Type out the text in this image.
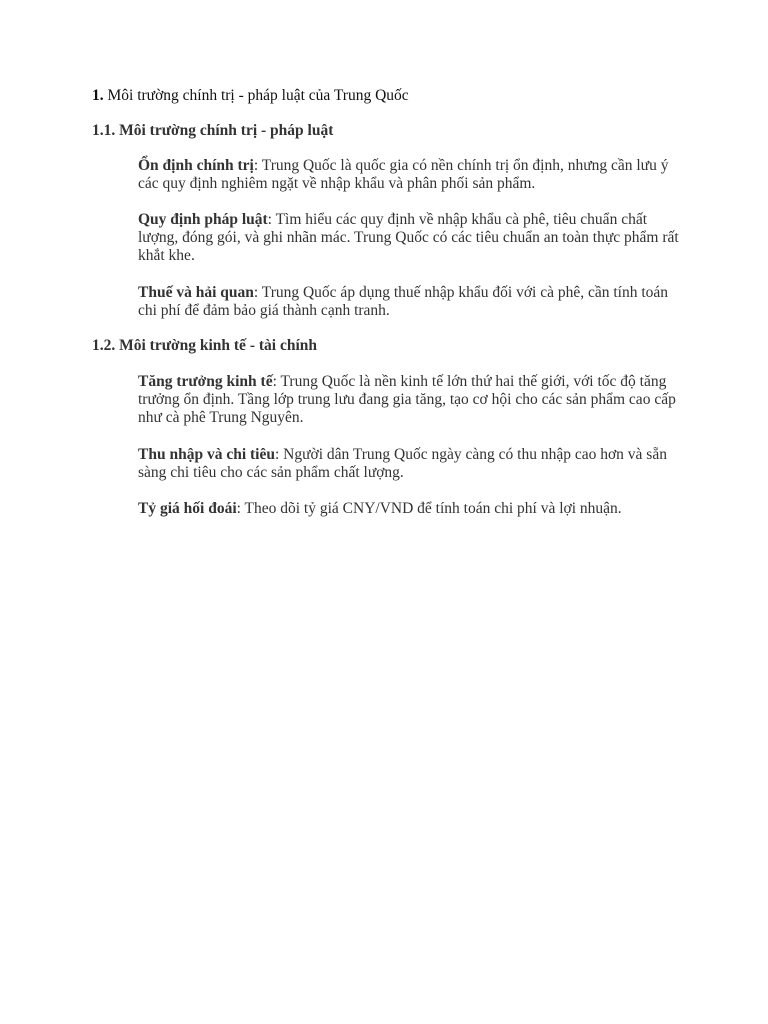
1. Môi trường chính trị - pháp luật của Trung Quốc
1.1. Môi trường chính trị - pháp luật
Ổn định chính trị: Trung Quốc là quốc gia có nền chính trị ổn định, nhưng cần lưu ý các quy định nghiêm ngặt về nhập khẩu và phân phối sản phẩm.
Quy định pháp luật: Tìm hiểu các quy định về nhập khẩu cà phê, tiêu chuẩn chất lượng, đóng gói, và ghi nhãn mác. Trung Quốc có các tiêu chuẩn an toàn thực phẩm rất khắt khe.
Thuế và hải quan: Trung Quốc áp dụng thuế nhập khẩu đối với cà phê, cần tính toán chi phí để đảm bảo giá thành cạnh tranh.
1.2. Môi trường kinh tế - tài chính
Tăng trưởng kinh tế: Trung Quốc là nền kinh tế lớn thứ hai thế giới, với tốc độ tăng trưởng ổn định. Tầng lớp trung lưu đang gia tăng, tạo cơ hội cho các sản phẩm cao cấp như cà phê Trung Nguyên.
Thu nhập và chi tiêu: Người dân Trung Quốc ngày càng có thu nhập cao hơn và sẵn sàng chi tiêu cho các sản phẩm chất lượng.
Tỷ giá hối đoái: Theo dõi tỷ giá CNY/VND để tính toán chi phí và lợi nhuận.
